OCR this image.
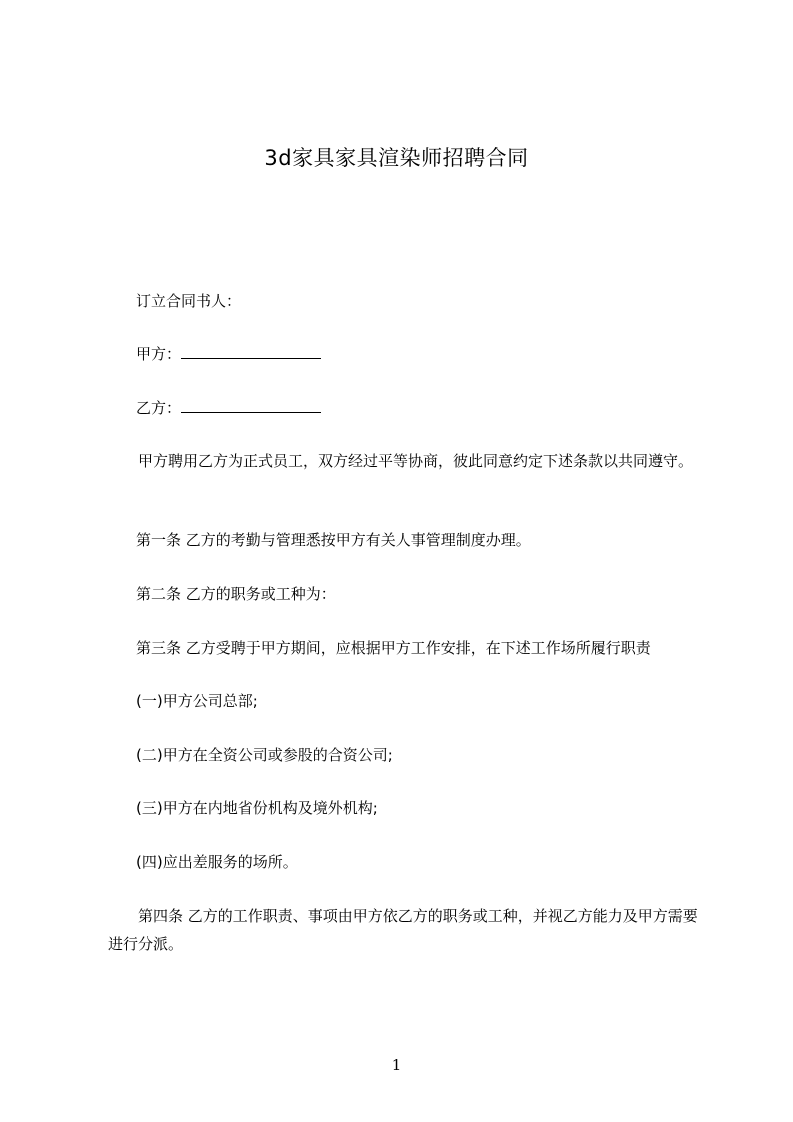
3d家具家具渲染师招聘合同
订立合同书人：
甲方：
乙方：
甲方聘用乙方为正式员工，双方经过平等协商，彼此同意约定下述条款以共同遵守。
第一条 乙方的考勤与管理悉按甲方有关人事管理制度办理。
第二条 乙方的职务或工种为：
第三条 乙方受聘于甲方期间，应根据甲方工作安排，在下述工作场所履行职责
(一)甲方公司总部;
(二)甲方在全资公司或参股的合资公司;
(三)甲方在内地省份机构及境外机构;
(四)应出差服务的场所。
第四条 乙方的工作职责、事项由甲方依乙方的职务或工种，并视乙方能力及甲方需要进行分派。
1
